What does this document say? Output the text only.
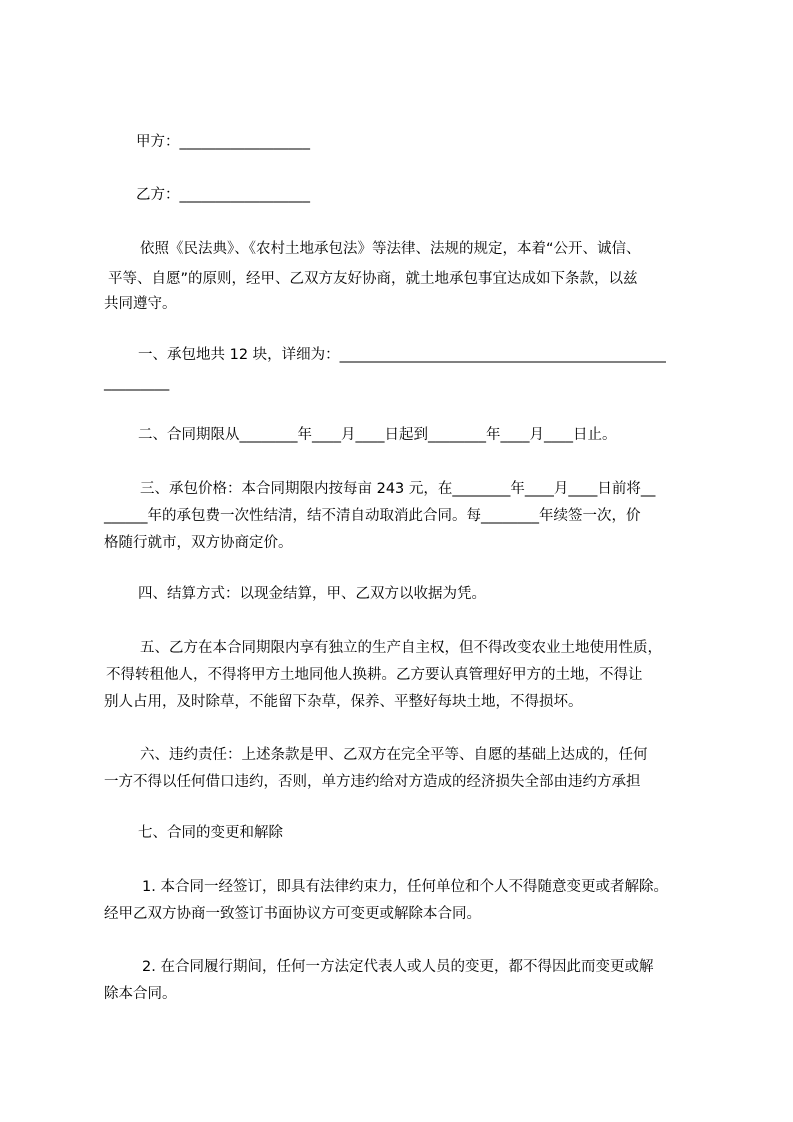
甲方：__________________
乙方：__________________
依照《民法典》、《农村土地承包法》等法律、法规的规定，本着“公开、诚信、
平等、自愿”的原则，经甲、乙双方友好协商，就土地承包事宜达成如下条款，以兹
共同遵守。
一、承包地共 12 块，详细为：_____________________________________________
_________
二、合同期限从________年____月____日起到________年____月____日止。
三、承包价格：本合同期限内按每亩 243 元，在________年____月____日前将__
______年的承包费一次性结清，结不清自动取消此合同。每________年续签一次，价
格随行就市，双方协商定价。
四、结算方式：以现金结算，甲、乙双方以收据为凭。
五、乙方在本合同期限内享有独立的生产自主权，但不得改变农业土地使用性质，
不得转租他人，不得将甲方土地同他人换耕。乙方要认真管理好甲方的土地，不得让
别人占用，及时除草，不能留下杂草，保养、平整好每块土地，不得损坏。
六、违约责任：上述条款是甲、乙双方在完全平等、自愿的基础上达成的，任何
一方不得以任何借口违约，否则，单方违约给对方造成的经济损失全部由违约方承担
七、合同的变更和解除
1. 本合同一经签订，即具有法律约束力，任何单位和个人不得随意变更或者解除。
经甲乙双方协商一致签订书面协议方可变更或解除本合同。
2. 在合同履行期间，任何一方法定代表人或人员的变更，都不得因此而变更或解
除本合同。
